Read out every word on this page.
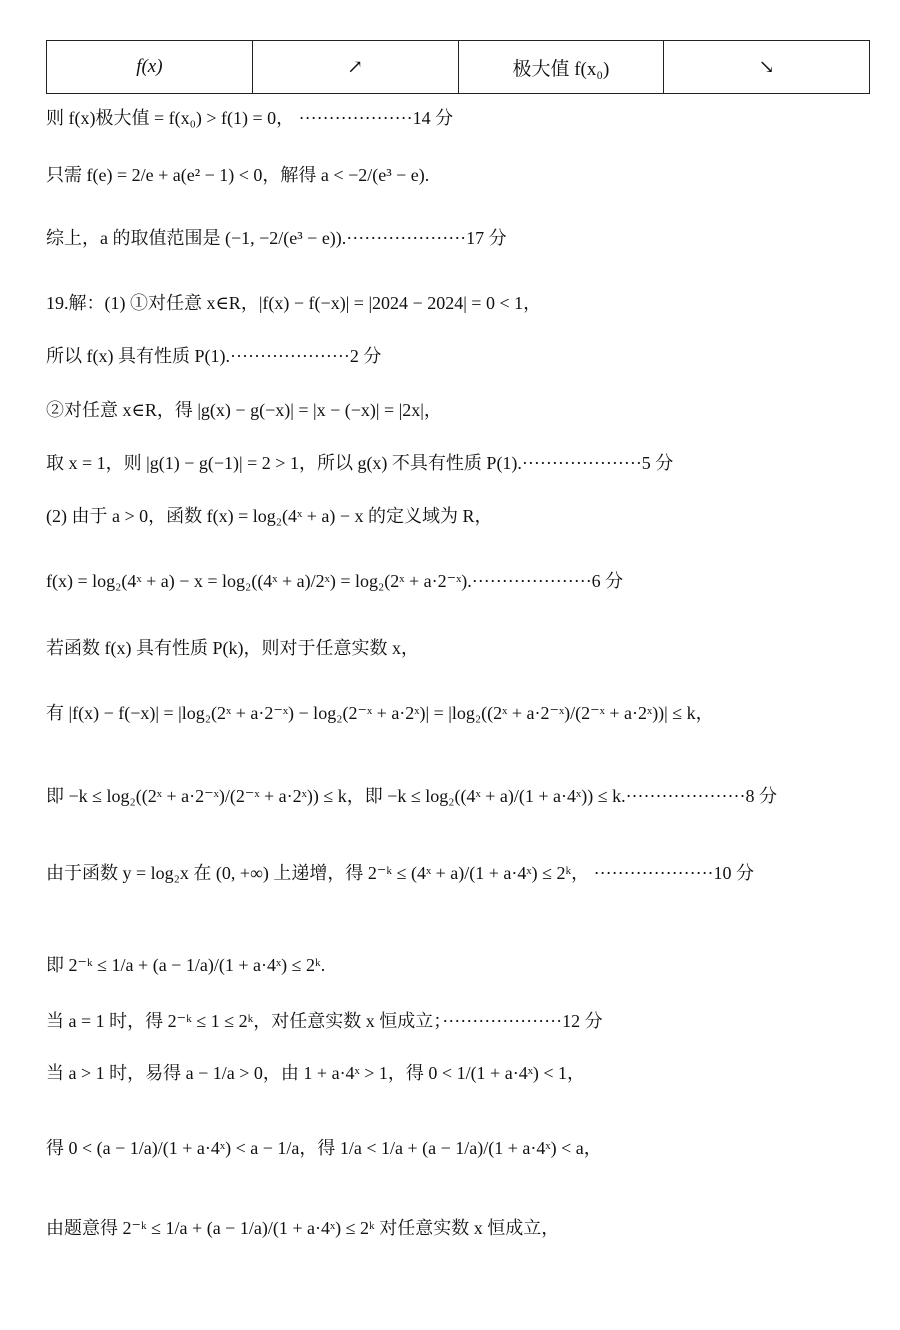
f(x)	↗	极大值 f(x₀)	↘
则 f(x)极大值 = f(x₀) > f(1) = 0， ···················14 分
只需 f(e) = 2/e + a(e² − 1) < 0，解得 a < −2/(e³ − e).
综上，a 的取值范围是 (−1, −2/(e³ − e)).····················17 分
19.解：(1) ①对任意 x∈R，|f(x) − f(−x)| = |2024 − 2024| = 0 < 1，
所以 f(x) 具有性质 P(1).····················2 分
②对任意 x∈R，得 |g(x) − g(−x)| = |x − (−x)| = |2x|，
取 x = 1，则 |g(1) − g(−1)| = 2 > 1，所以 g(x) 不具有性质 P(1).····················5 分
(2) 由于 a > 0，函数 f(x) = log₂(4ˣ + a) − x 的定义域为 R，
f(x) = log₂(4ˣ + a) − x = log₂((4ˣ + a)/2ˣ) = log₂(2ˣ + a·2⁻ˣ).····················6 分
若函数 f(x) 具有性质 P(k)，则对于任意实数 x，
有 |f(x) − f(−x)| = |log₂(2ˣ + a·2⁻ˣ) − log₂(2⁻ˣ + a·2ˣ)| = |log₂((2ˣ + a·2⁻ˣ)/(2⁻ˣ + a·2ˣ))| ≤ k，
即 −k ≤ log₂((2ˣ + a·2⁻ˣ)/(2⁻ˣ + a·2ˣ)) ≤ k，即 −k ≤ log₂((4ˣ + a)/(1 + a·4ˣ)) ≤ k.····················8 分
由于函数 y = log₂x 在 (0, +∞) 上递增，得 2⁻ᵏ ≤ (4ˣ + a)/(1 + a·4ˣ) ≤ 2ᵏ， ····················10 分
即 2⁻ᵏ ≤ 1/a + (a − 1/a)/(1 + a·4ˣ) ≤ 2ᵏ.
当 a = 1 时，得 2⁻ᵏ ≤ 1 ≤ 2ᵏ，对任意实数 x 恒成立；····················12 分
当 a > 1 时，易得 a − 1/a > 0，由 1 + a·4ˣ > 1，得 0 < 1/(1 + a·4ˣ) < 1，
得 0 < (a − 1/a)/(1 + a·4ˣ) < a − 1/a，得 1/a < 1/a + (a − 1/a)/(1 + a·4ˣ) < a，
由题意得 2⁻ᵏ ≤ 1/a + (a − 1/a)/(1 + a·4ˣ) ≤ 2ᵏ 对任意实数 x 恒成立，
